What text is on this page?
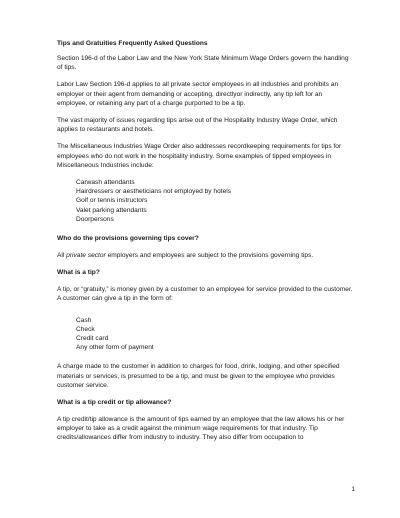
Tips and Gratuities Frequently Asked Questions

Section 196-d of the Labor Law and the New York State Minimum Wage Orders govern the handling of tips.

Labor Law Section 196-d applies to all private sector employees in all industries and prohibits an employer or their agent from demanding or accepting, directlyor indirectly, any tip left for an employee, or retaining any part of a charge purported to be a tip.

The vast majority of issues regarding tips arise out of the Hospitality Industry Wage Order, which applies to restaurants and hotels.

The Miscellaneous Industries Wage Order also addresses recordkeeping requirements for tips for employees who do not work in the hospitality industry. Some examples of tipped employees in Miscellaneous Industries include:

Carwash attendants
Hairdressers or aestheticians not employed by hotels
Golf or tennis instructors
Valet parking attendants
Doorpersons
Who do the provisions governing tips cover?

All private sector employers and employees are subject to the provisions governing tips.

What is a tip?

A tip, or “gratuity,” is money given by a customer to an employee for service provided to the customer. A customer can give a tip in the form of:

Cash
Check
Credit card
Any other form of payment

A charge made to the customer in addition to charges for food, drink, lodging, and other specified materials or services, is presumed to be a tip, and must be given to the employee who provides customer service.

What is a tip credit or tip allowance?

A tip credit/tip allowance is the amount of tips earned by an employee that the law allows his or her employer to take as a credit against the minimum wage requirements for that industry. Tip credits/allowances differ from industry to industry. They also differ from occupation to

1
